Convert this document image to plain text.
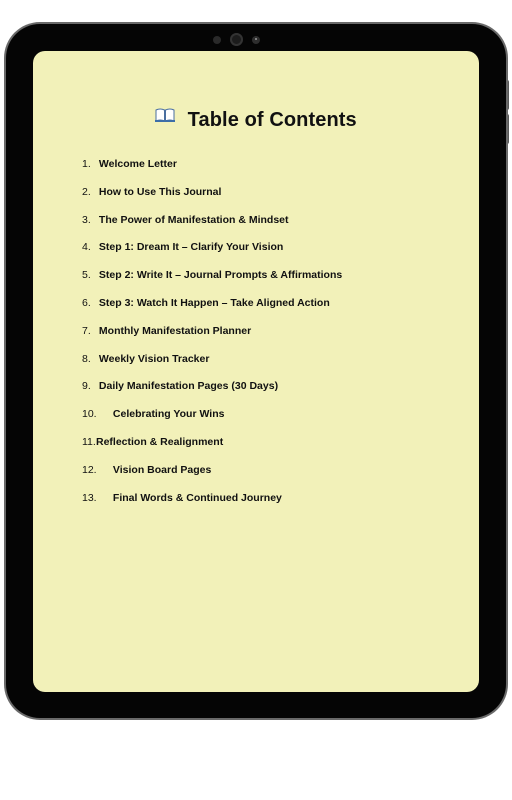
Table of Contents
1. Welcome Letter
2. How to Use This Journal
3. The Power of Manifestation & Mindset
4. Step 1: Dream It – Clarify Your Vision
5. Step 2: Write It – Journal Prompts & Affirmations
6. Step 3: Watch It Happen – Take Aligned Action
7. Monthly Manifestation Planner
8. Weekly Vision Tracker
9. Daily Manifestation Pages (30 Days)
10. Celebrating Your Wins
11.Reflection & Realignment
12. Vision Board Pages
13. Final Words & Continued Journey
